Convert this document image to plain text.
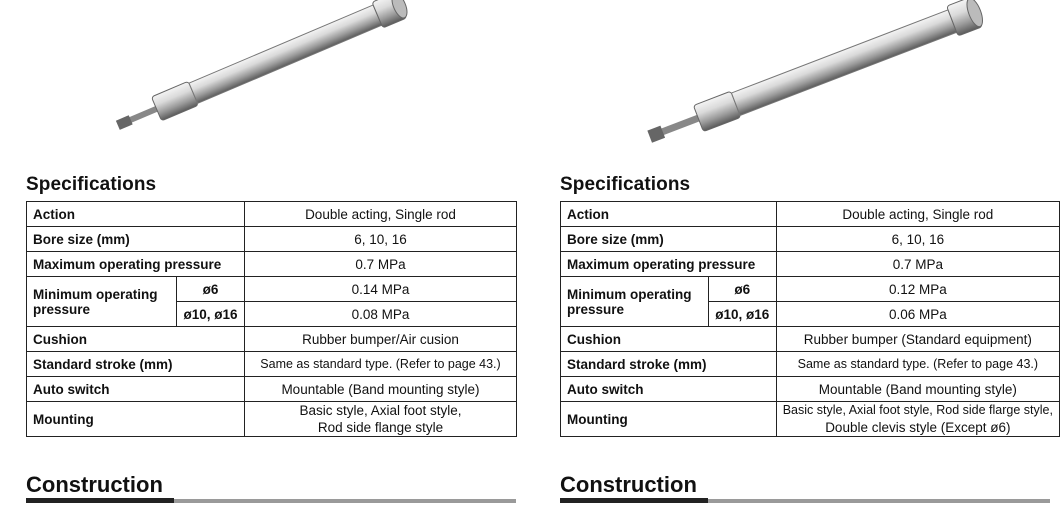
Specifications
Action		Double acting, Single rod
Bore size (mm)		6, 10, 16
Maximum operating pressure		0.7 MPa

Minimum operating
pressure	ø6	0.14 MPa
	ø10, ø16	0.08 MPa
Cushion		Rubber bumper/Air cusion
Standard stroke (mm)		Same as standard type. (Refer to page 43.)
Auto switch		Mountable (Band mounting style)
Mounting		Basic style, Axial foot style,
Rod side flange style
Construction
Specifications
Action		Double acting, Single rod
Bore size (mm)		6, 10, 16
Maximum operating pressure		0.7 MPa

Minimum operating
pressure	ø6	0.12 MPa
	ø10, ø16	0.06 MPa
Cushion		Rubber bumper (Standard equipment)
Standard stroke (mm)		Same as standard type. (Refer to page 43.)
Auto switch		Mountable (Band mounting style)
Mounting		Basic style, Axial foot style, Rod side flarge style,
Double clevis style (Except ø6)
Construction
